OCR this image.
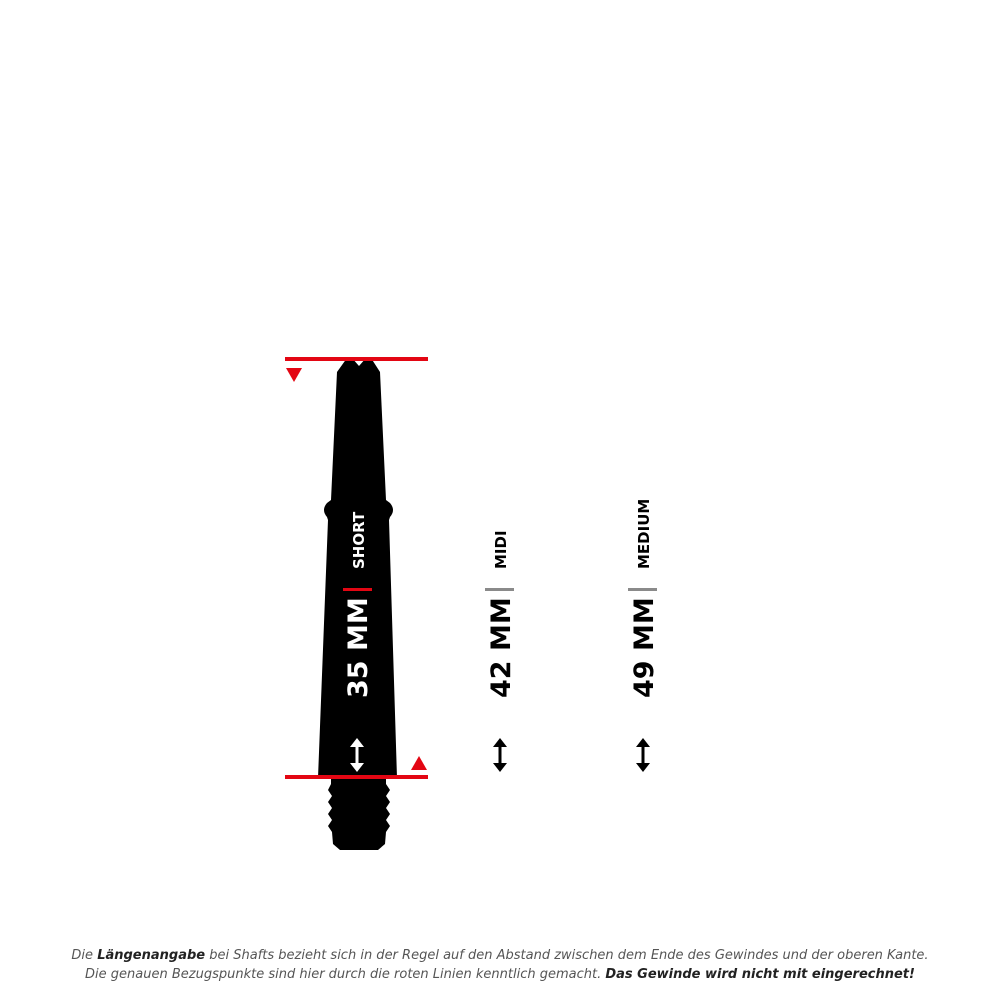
SHORT
35 MM
MIDI
42 MM
MEDIUM
49 MM
Die Längenangabe bei Shafts bezieht sich in der Regel auf den Abstand zwischen dem Ende des Gewindes und der oberen Kante.
Die genauen Bezugspunkte sind hier durch die roten Linien kenntlich gemacht. Das Gewinde wird nicht mit eingerechnet!
